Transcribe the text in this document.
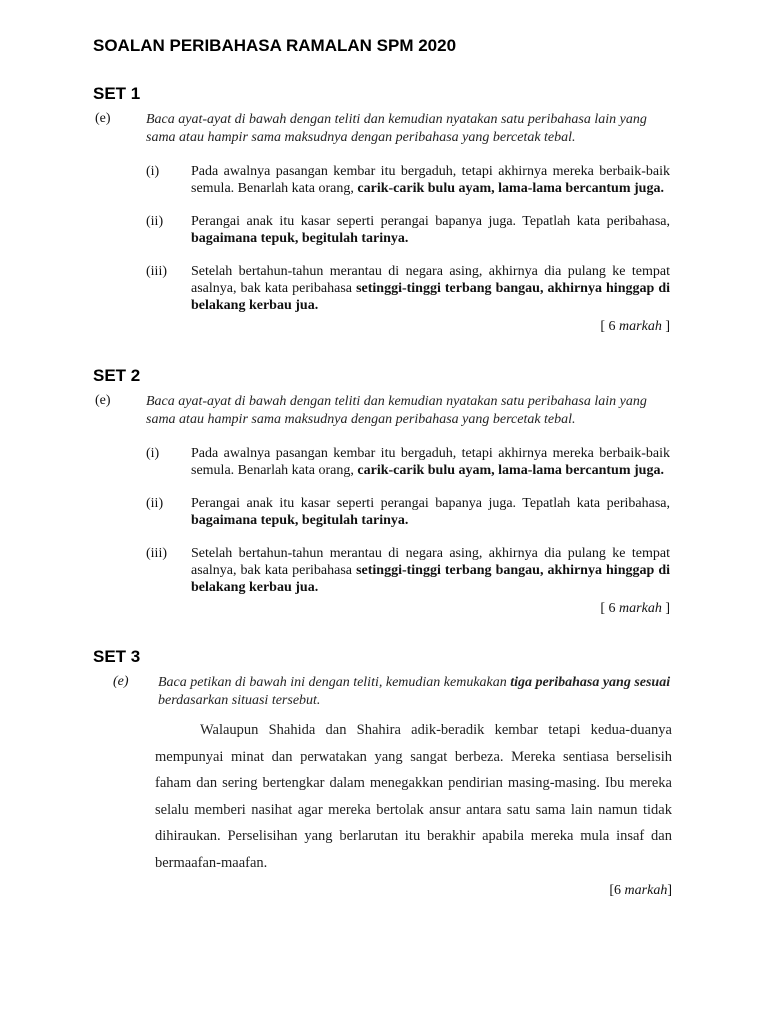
SOALAN PERIBAHASA RAMALAN SPM 2020
SET 1
(e)	Baca ayat-ayat di bawah dengan teliti dan kemudian nyatakan satu peribahasa lain yang sama atau hampir sama maksudnya dengan peribahasa yang bercetak tebal.
(i) Pada awalnya pasangan kembar itu bergaduh, tetapi akhirnya mereka berbaik-baik semula. Benarlah kata orang, carik-carik bulu ayam, lama-lama bercantum juga.
(ii) Perangai anak itu kasar seperti perangai bapanya juga. Tepatlah kata peribahasa, bagaimana tepuk, begitulah tarinya.
(iii) Setelah bertahun-tahun merantau di negara asing, akhirnya dia pulang ke tempat asalnya, bak kata peribahasa setinggi-tinggi terbang bangau, akhirnya hinggap di belakang kerbau jua.
[ 6 markah ]
SET 2
(e)	Baca ayat-ayat di bawah dengan teliti dan kemudian nyatakan satu peribahasa lain yang sama atau hampir sama maksudnya dengan peribahasa yang bercetak tebal.
(i) Pada awalnya pasangan kembar itu bergaduh, tetapi akhirnya mereka berbaik-baik semula. Benarlah kata orang, carik-carik bulu ayam, lama-lama bercantum juga.
(ii) Perangai anak itu kasar seperti perangai bapanya juga. Tepatlah kata peribahasa, bagaimana tepuk, begitulah tarinya.
(iii) Setelah bertahun-tahun merantau di negara asing, akhirnya dia pulang ke tempat asalnya, bak kata peribahasa setinggi-tinggi terbang bangau, akhirnya hinggap di belakang kerbau jua.
[ 6 markah ]
SET 3
(e) Baca petikan di bawah ini dengan teliti, kemudian kemukakan tiga peribahasa yang sesuai berdasarkan situasi tersebut.
Walaupun Shahida dan Shahira adik-beradik kembar tetapi kedua-duanya mempunyai minat dan perwatakan yang sangat berbeza. Mereka sentiasa berselisih faham dan sering bertengkar dalam menegakkan pendirian masing-masing. Ibu mereka selalu memberi nasihat agar mereka bertolak ansur antara satu sama lain namun tidak dihiraukan. Perselisihan yang berlarutan itu berakhir apabila mereka mula insaf dan bermaafan-maafan.
[6 markah]
